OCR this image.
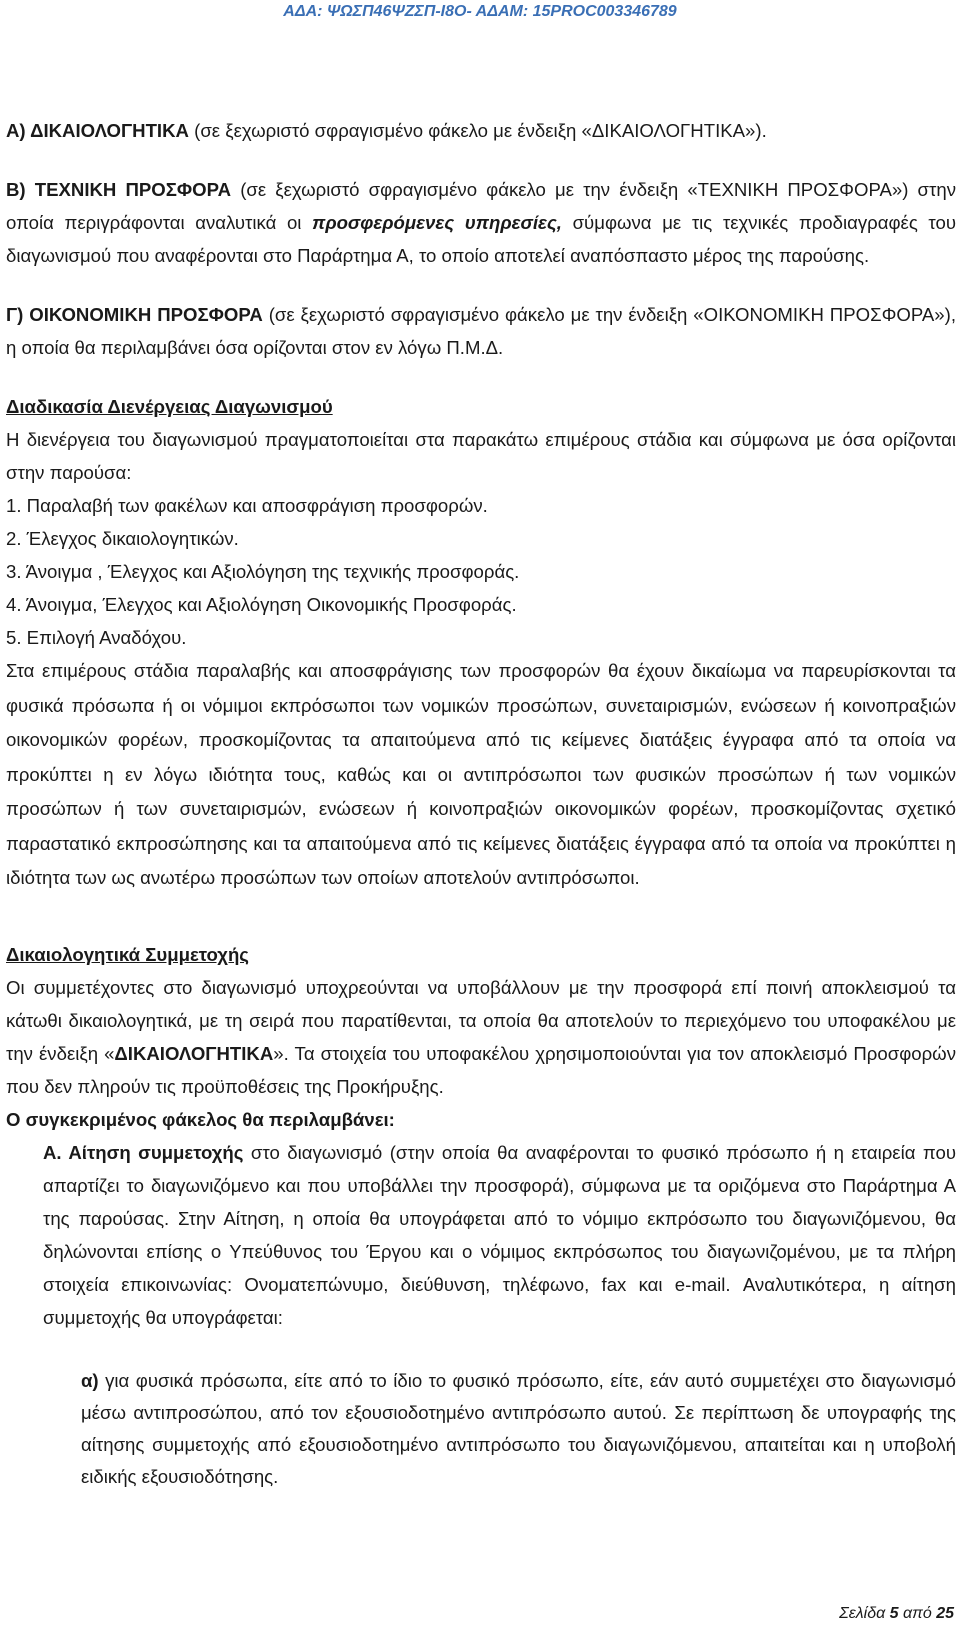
ΑΔΑ: ΨΩΣΠ46ΨΖΣΠ-Ι8Ο- ΑΔΑΜ: 15PROC003346789

Α) ΔΙΚΑΙΟΛΟΓΗΤΙΚΑ (σε ξεχωριστό σφραγισμένο φάκελο με ένδειξη «ΔΙΚΑΙΟΛΟΓΗΤΙΚΑ»).

Β) ΤΕΧΝΙΚΗ ΠΡΟΣΦΟΡΑ (σε ξεχωριστό σφραγισμένο φάκελο με την ένδειξη «ΤΕΧΝΙΚΗ ΠΡΟΣΦΟΡΑ») στην οποία περιγράφονται αναλυτικά οι προσφερόμενες υπηρεσίες, σύμφωνα με τις τεχνικές προδιαγραφές του διαγωνισμού που αναφέρονται στο Παράρτημα Α, το οποίο αποτελεί αναπόσπαστο μέρος της παρούσης.

Γ) ΟΙΚΟΝΟΜΙΚΗ ΠΡΟΣΦΟΡΑ (σε ξεχωριστό σφραγισμένο φάκελο με την ένδειξη «ΟΙΚΟΝΟΜΙΚΗ ΠΡΟΣΦΟΡΑ»), η οποία θα περιλαμβάνει όσα ορίζονται στον εν λόγω Π.Μ.Δ.

Διαδικασία Διενέργειας Διαγωνισμού

Η διενέργεια του διαγωνισμού πραγματοποιείται στα παρακάτω επιμέρους στάδια και σύμφωνα με όσα ορίζονται στην παρούσα:

1. Παραλαβή των φακέλων και αποσφράγιση προσφορών.

2. Έλεγχος δικαιολογητικών.

3. Άνοιγμα , Έλεγχος και Αξιολόγηση της τεχνικής προσφοράς.

4. Άνοιγμα, Έλεγχος και Αξιολόγηση Οικονομικής Προσφοράς.

5. Επιλογή Αναδόχου.

Στα επιμέρους στάδια παραλαβής και αποσφράγισης των προσφορών θα έχουν δικαίωμα να παρευρίσκονται τα φυσικά πρόσωπα ή οι νόμιμοι εκπρόσωποι των νομικών προσώπων, συνεταιρισμών, ενώσεων ή κοινοπραξιών οικονομικών φορέων, προσκομίζοντας τα απαιτούμενα από τις κείμενες διατάξεις έγγραφα από τα οποία να προκύπτει η εν λόγω ιδιότητα τους, καθώς και οι αντιπρόσωποι των φυσικών προσώπων ή των νομικών προσώπων ή των συνεταιρισμών, ενώσεων ή κοινοπραξιών οικονομικών φορέων, προσκομίζοντας σχετικό παραστατικό εκπροσώπησης και τα απαιτούμενα από τις κείμενες διατάξεις έγγραφα από τα οποία να προκύπτει η ιδιότητα των ως ανωτέρω προσώπων των οποίων αποτελούν αντιπρόσωποι.

Δικαιολογητικά Συμμετοχής

Οι συμμετέχοντες στο διαγωνισμό υποχρεούνται να υποβάλλουν με την προσφορά επί ποινή αποκλεισμού τα κάτωθι δικαιολογητικά, με τη σειρά που παρατίθενται, τα οποία θα αποτελούν το περιεχόμενο του υποφακέλου με την ένδειξη «ΔΙΚΑΙΟΛΟΓΗΤΙΚΑ». Τα στοιχεία του υποφακέλου χρησιμοποιούνται για τον αποκλεισμό Προσφορών που δεν πληρούν τις προϋποθέσεις της Προκήρυξης.

Ο συγκεκριμένος φάκελος θα περιλαμβάνει:

Α. Αίτηση συμμετοχής στο διαγωνισμό (στην οποία θα αναφέρονται το φυσικό πρόσωπο ή η εταιρεία που απαρτίζει το διαγωνιζόμενο και που υποβάλλει την προσφορά), σύμφωνα με τα οριζόμενα στο Παράρτημα Α της παρούσας. Στην Αίτηση, η οποία θα υπογράφεται από το νόμιμο εκπρόσωπο του διαγωνιζόμενου, θα δηλώνονται επίσης ο Υπεύθυνος του Έργου και ο νόμιμος εκπρόσωπος του διαγωνιζομένου, με τα πλήρη στοιχεία επικοινωνίας: Ονοματεπώνυμο, διεύθυνση, τηλέφωνο, fax και e-mail. Αναλυτικότερα, η αίτηση συμμετοχής θα υπογράφεται:

α) για φυσικά πρόσωπα, είτε από το ίδιο το φυσικό πρόσωπο, είτε, εάν αυτό συμμετέχει στο διαγωνισμό μέσω αντιπροσώπου, από τον εξουσιοδοτημένο αντιπρόσωπο αυτού. Σε περίπτωση δε υπογραφής της αίτησης συμμετοχής από εξουσιοδοτημένο αντιπρόσωπο του διαγωνιζόμενου, απαιτείται και η υποβολή ειδικής εξουσιοδότησης.

Σελίδα 5 από 25
